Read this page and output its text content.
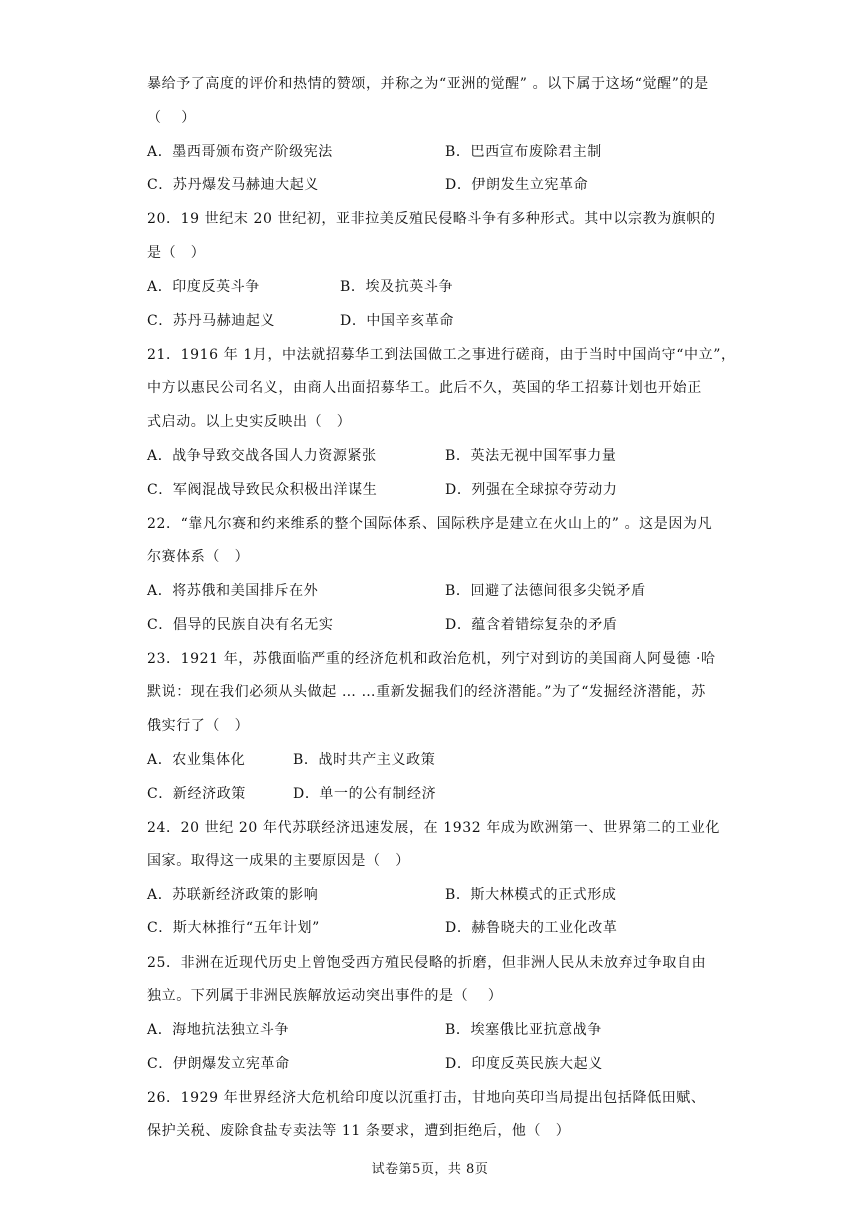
暴给予了高度的评价和热情的赞颂，并称之为“亚洲的觉醒” 。以下属于这场“觉醒”的是
（　 ）
A．墨西哥颁布资产阶级宪法	B．巴西宣布废除君主制
C．苏丹爆发马赫迪大起义	D．伊朗发生立宪革命
20．19 世纪末 20 世纪初，亚非拉美反殖民侵略斗争有多种形式。其中以宗教为旗帜的
是（　）
A．印度反英斗争	B．埃及抗英斗争
C．苏丹马赫迪起义	D．中国辛亥革命
21．1916 年 1月，中法就招募华工到法国做工之事进行磋商，由于当时中国尚守“中立”，
中方以惠民公司名义，由商人出面招募华工。此后不久，英国的华工招募计划也开始正
式启动。以上史实反映出（　）
A．战争导致交战各国人力资源紧张	B．英法无视中国军事力量
C．军阀混战导致民众积极出洋谋生	D．列强在全球掠夺劳动力
22．“靠凡尔赛和约来维系的整个国际体系、国际秩序是建立在火山上的” 。这是因为凡
尔赛体系（　）
A．将苏俄和美国排斥在外	B．回避了法德间很多尖锐矛盾
C．倡导的民族自决有名无实	D．蕴含着错综复杂的矛盾
23．1921 年，苏俄面临严重的经济危机和政治危机，列宁对到访的美国商人阿曼德 ·哈
默说：现在我们必须从头做起 … …重新发掘我们的经济潜能。”为了“发掘经济潜能，苏
俄实行了（　）
A．农业集体化	B．战时共产主义政策
C．新经济政策	D．单一的公有制经济
24．20 世纪 20 年代苏联经济迅速发展，在 1932 年成为欧洲第一、世界第二的工业化
国家。取得这一成果的主要原因是（　）
A．苏联新经济政策的影响	B．斯大林模式的正式形成
C．斯大林推行“五年计划”	D．赫鲁晓夫的工业化改革
25．非洲在近现代历史上曾饱受西方殖民侵略的折磨，但非洲人民从未放弃过争取自由
独立。下列属于非洲民族解放运动突出事件的是（　 ）
A．海地抗法独立斗争	B．埃塞俄比亚抗意战争
C．伊朗爆发立宪革命	D．印度反英民族大起义
26．1929 年世界经济大危机给印度以沉重打击，甘地向英印当局提出包括降低田赋、
保护关税、废除食盐专卖法等 11 条要求，遭到拒绝后，他（　）
试卷第5页，共 8页
